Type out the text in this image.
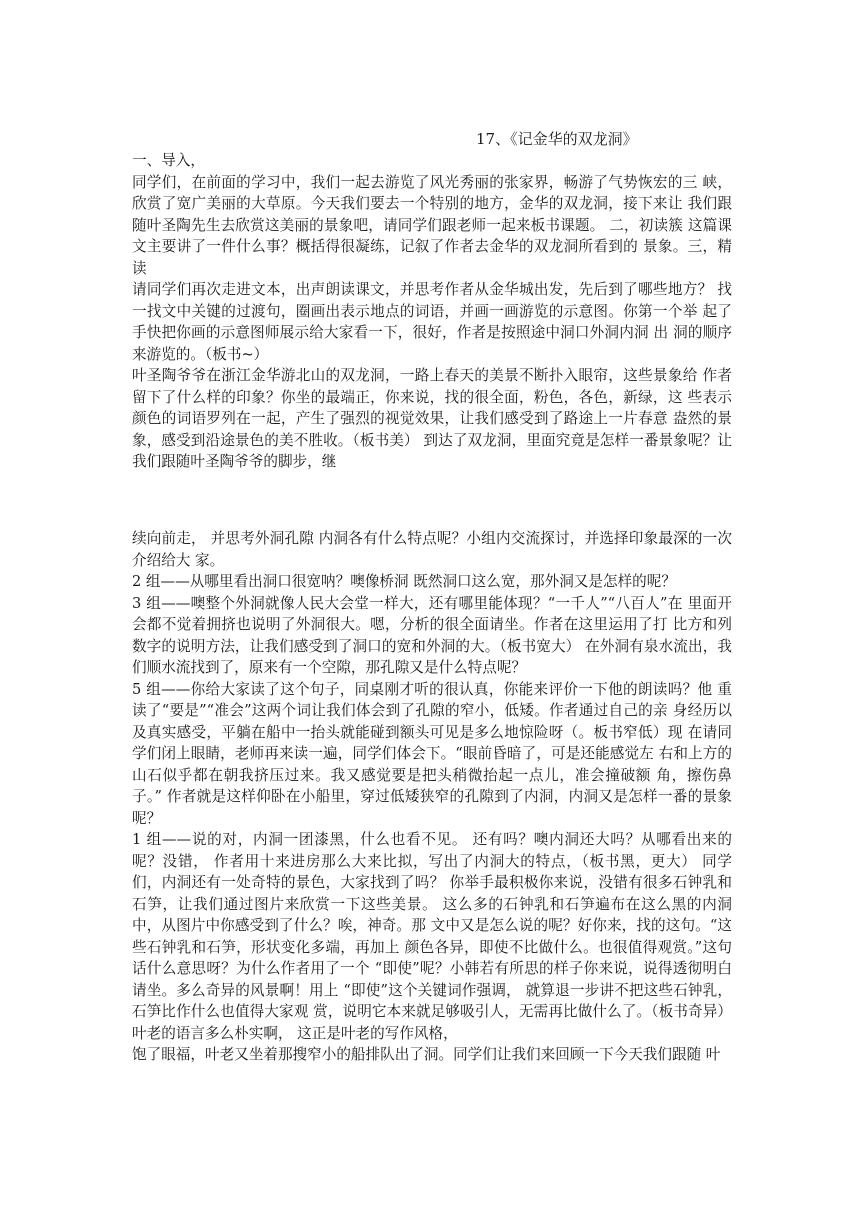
17、《记金华的双龙洞》

一、导入，

同学们，在前面的学习中，我们一起去游览了风光秀丽的张家界，畅游了气势恢宏的三 峡，欣赏了宽广美丽的大草原。今天我们要去一个特别的地方，金华的双龙洞，接下来让 我们跟随叶圣陶先生去欣赏这美丽的景象吧，请同学们跟老师一起来板书课题。 二，初读簇 这篇课文主要讲了一件什么事？概括得很凝练，记叙了作者去金华的双龙洞所看到的 景象。三，精读

请同学们再次走进文本，出声朗读课文，并思考作者从金华城出发，先后到了哪些地方？ 找一找文中关键的过渡句，圈画出表示地点的词语，并画一画游览的示意图。你第一个举 起了手快把你画的示意图师展示给大家看一下，很好，作者是按照途中洞口外洞内洞 出 洞的顺序来游览的。（板书~）

叶圣陶爷爷在浙江金华游北山的双龙洞，一路上春天的美景不断扑入眼帘，这些景象给 作者留下了什么样的印象？你坐的最端正，你来说，找的很全面，粉色，各色，新绿，这 些表示颜色的词语罗列在一起，产生了强烈的视觉效果，让我们感受到了路途上一片春意 盎然的景象，感受到沿途景色的美不胜收。（板书美） 到达了双龙洞，里面究竟是怎样一番景象呢？让我们跟随叶圣陶爷爷的脚步，继

续向前走， 并思考外洞孔隙 内洞各有什么特点呢？小组内交流探讨，并选择印象最深的一次介绍给大 家。

2 组——从哪里看出洞口很宽呐？噢像桥洞 既然洞口这么宽，那外洞又是怎样的呢？

3 组——噢整个外洞就像人民大会堂一样大，还有哪里能体现？“一千人”“八百人”在 里面开会都不觉着拥挤也说明了外洞很大。嗯，分析的很全面请坐。作者在这里运用了打 比方和列数字的说明方法，让我们感受到了洞口的宽和外洞的大。（板书宽大） 在外洞有泉水流出，我们顺水流找到了，原来有一个空隙，那孔隙又是什么特点呢？

5 组——你给大家读了这个句子，同桌刚才听的很认真，你能来评价一下他的朗读吗？他 重读了“要是”“准会”这两个词让我们体会到了孔隙的窄小，低矮。作者通过自己的亲 身经历以及真实感受，平躺在船中一抬头就能碰到额头可见是多么地惊险呀（。板书窄低）现 在请同学们闭上眼睛，老师再来读一遍，同学们体会下。“眼前昏暗了，可是还能感觉左 右和上方的山石似乎都在朝我挤压过来。我又感觉要是把头稍微抬起一点儿，准会撞破额 角，擦伤鼻子。” 作者就是这样仰卧在小船里，穿过低矮狭窄的孔隙到了内洞，内洞又是怎样一番的景象呢？

1 组——说的对，内洞一团漆黑，什么也看不见。 还有吗？噢内洞还大吗？从哪看出来的呢？没错， 作者用十来进房那么大来比拟，写出了内洞大的特点，（板书黑，更大） 同学们，内洞还有一处奇特的景色，大家找到了吗？ 你举手最积极你来说，没错有很多石钟乳和石笋，让我们通过图片来欣赏一下这些美景。 这么多的石钟乳和石笋遍布在这么黑的内洞中，从图片中你感受到了什么？唉，神奇。那 文中又是怎么说的呢？好你来，找的这句。“这些石钟乳和石笋，形状变化多端，再加上 颜色各异，即使不比做什么。也很值得观赏。”这句话什么意思呀？为什么作者用了一个 “即使”呢？小韩若有所思的样子你来说，说得透彻明白请坐。多么奇异的风景啊！用上 “即使”这个关键词作强调， 就算退一步讲不把这些石钟乳，石笋比作什么也值得大家观 赏，说明它本来就足够吸引人，无需再比做什么了。（板书奇异）叶老的语言多么朴实啊， 这正是叶老的写作风格，

饱了眼福，叶老又坐着那搜窄小的船排队出了洞。同学们让我们来回顾一下今天我们跟随 叶
